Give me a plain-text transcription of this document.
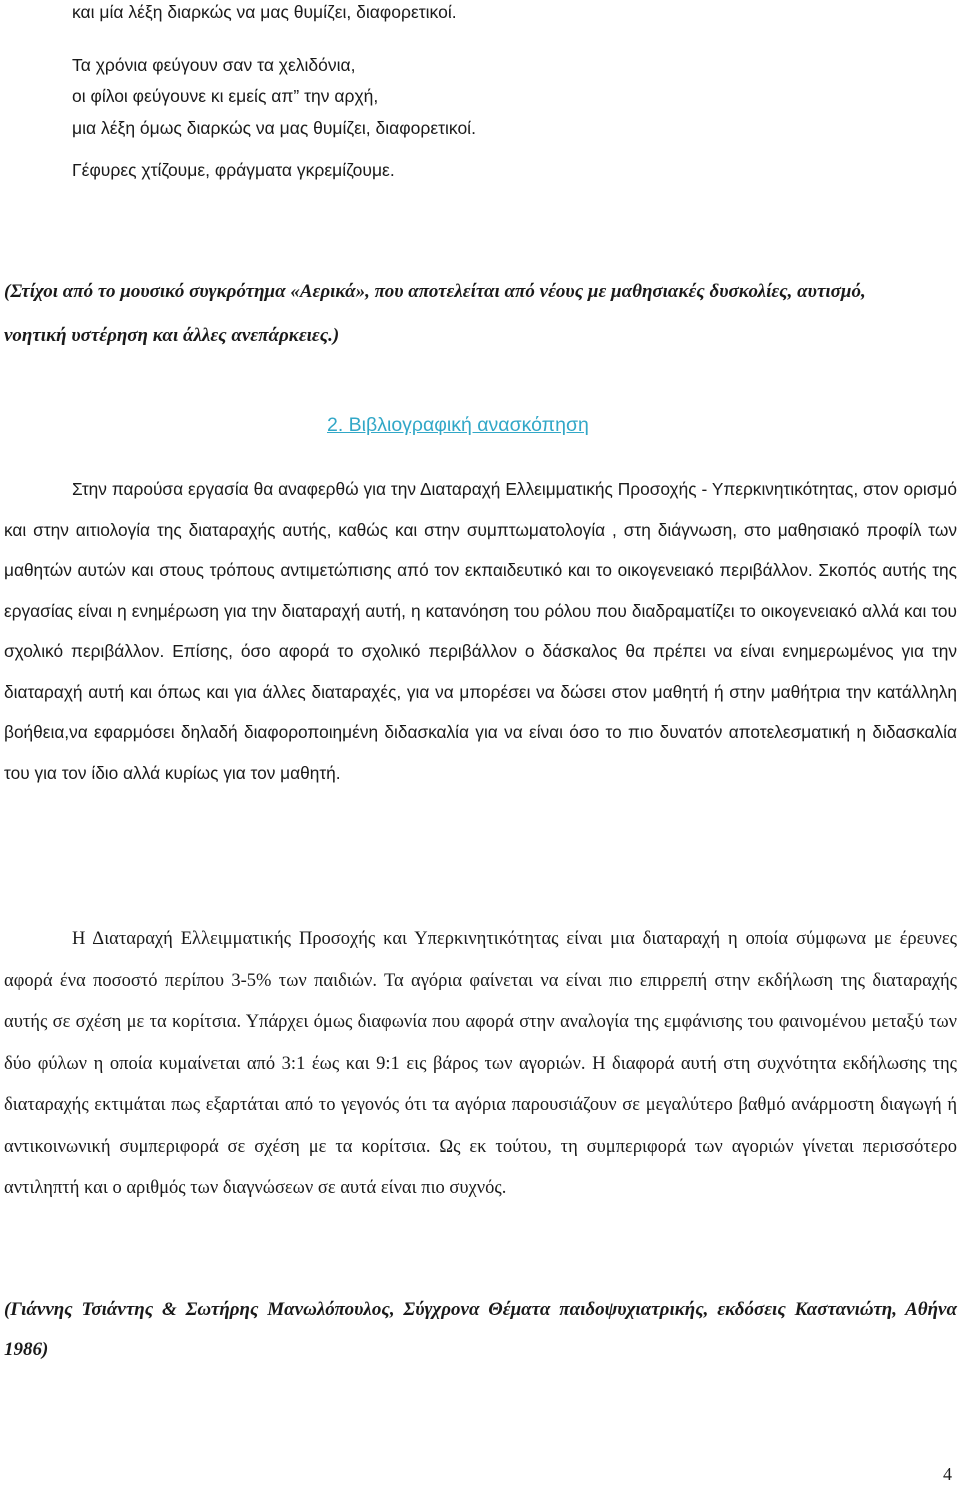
και μία λέξη διαρκώς να μας θυμίζει, διαφορετικοί.
Τα χρόνια φεύγουν σαν τα χελιδόνια,
οι φίλοι φεύγουνε κι εμείς απ” την αρχή,
μια λέξη όμως διαρκώς να μας θυμίζει, διαφορετικοί.
Γέφυρες χτίζουμε, φράγματα γκρεμίζουμε.
(Στίχοι από το μουσικό συγκρότημα «Αερικά», που αποτελείται από νέους με μαθησιακές δυσκολίες, αυτισμό, νοητική υστέρηση και άλλες ανεπάρκειες.)
2. Βιβλιογραφική ανασκόπηση

Στην παρούσα εργασία θα αναφερθώ για την Διαταραχή Ελλειμματικής Προσοχής - Υπερκινητικότητας, στον ορισμό και στην αιτιολογία της διαταραχής αυτής, καθώς και στην συμπτωματολογία , στη διάγνωση, στο μαθησιακό προφίλ των μαθητών αυτών και στους τρόπους αντιμετώπισης από τον εκπαιδευτικό και το οικογενειακό περιβάλλον. Σκοπός αυτής της εργασίας είναι η ενημέρωση για την διαταραχή αυτή, η κατανόηση του ρόλου που διαδραματίζει το οικογενειακό αλλά και του σχολικό περιβάλλον. Επίσης, όσο αφορά το σχολικό περιβάλλον ο δάσκαλος θα πρέπει να είναι ενημερωμένος για την διαταραχή αυτή και όπως και για άλλες διαταραχές, για να μπορέσει να δώσει στον μαθητή ή στην μαθήτρια την κατάλληλη βοήθεια,να εφαρμόσει δηλαδή διαφοροποιημένη διδασκαλία για να είναι όσο το πιο δυνατόν αποτελεσματική η διδασκαλία του για τον ίδιο αλλά κυρίως για τον μαθητή.

Η Διαταραχή Ελλειμματικής Προσοχής και Υπερκινητικότητας είναι μια διαταραχή η οποία σύμφωνα με έρευνες αφορά ένα ποσοστό περίπου 3-5% των παιδιών. Τα αγόρια φαίνεται να είναι πιο επιρρεπή στην εκδήλωση της διαταραχής αυτής σε σχέση με τα κορίτσια. Υπάρχει όμως διαφωνία που αφορά στην αναλογία της εμφάνισης του φαινομένου μεταξύ των δύο φύλων η οποία κυμαίνεται από 3:1 έως και 9:1 εις βάρος των αγοριών. Η διαφορά αυτή στη συχνότητα εκδήλωσης της διαταραχής εκτιμάται πως εξαρτάται από το γεγονός ότι τα αγόρια παρουσιάζουν σε μεγαλύτερο βαθμό ανάρμοστη διαγωγή ή αντικοινωνική συμπεριφορά σε σχέση με τα κορίτσια. Ως εκ τούτου, τη συμπεριφορά των αγοριών γίνεται περισσότερο αντιληπτή και ο αριθμός των διαγνώσεων σε αυτά είναι πιο συχνός.

(Γιάννης Τσιάντης & Σωτήρης Μανωλόπουλος, Σύγχρονα Θέματα παιδοψυχιατρικής, εκδόσεις Καστανιώτη, Αθήνα 1986)

4
